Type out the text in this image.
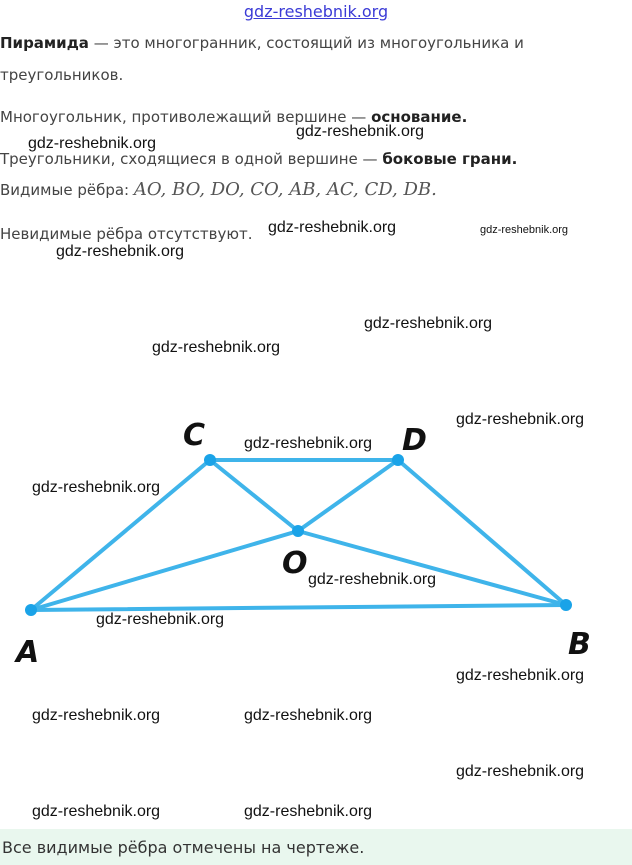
gdz-reshebnik.org
Пирамида — это многогранник, состоящий из многоугольника и
треугольников.
Многоугольник, противолежащий вершине — основание.
Треугольники, сходящиеся в одной вершине — боковые грани.
Видимые рёбра: AO, BO, DO, CO, AB, AC, CD, DB.
Невидимые рёбра отсутствуют.
A	B
C	D
O
gdz-reshebnik.org
gdz-reshebnik.org
gdz-reshebnik.org	gdz-reshebnik.org
gdz-reshebnik.org
gdz-reshebnik.org
gdz-reshebnik.org
gdz-reshebnik.org
gdz-reshebnik.org
gdz-reshebnik.org
gdz-reshebnik.org
gdz-reshebnik.org
gdz-reshebnik.org
gdz-reshebnik.org	gdz-reshebnik.org
gdz-reshebnik.org
gdz-reshebnik.org	gdz-reshebnik.org
Все видимые рёбра отмечены на чертеже.
